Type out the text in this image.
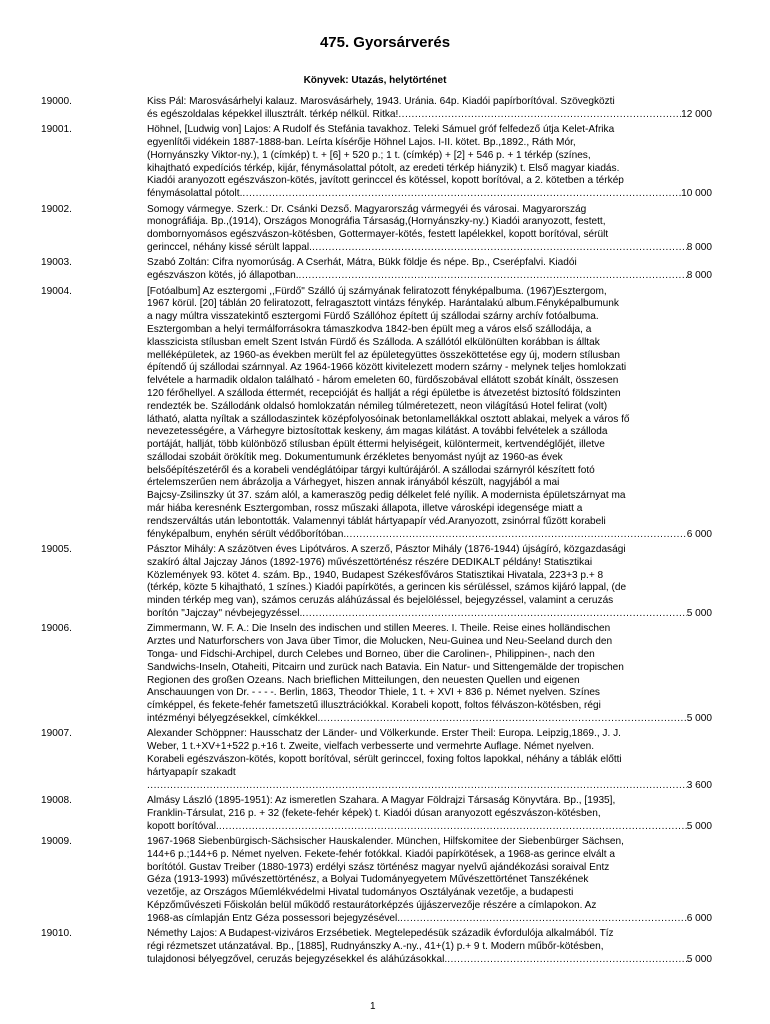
475. Gyorsárverés
Könyvek: Utazás, helytörténet
19000.	Kiss Pál: Marosvásárhelyi kalauz. Marosvásárhely, 1943. Uránia. 64p. Kiadói papírborítóval. Szövegközti
és egészoldalas képekkel illusztrált. térkép nélkül. Ritka! .....	12 000
19001.	Höhnel, [Ludwig von] Lajos: A Rudolf és Stefánia tavakhoz. Teleki Sámuel gróf felfedező útja Kelet-Afrika
egyenlítői vidékein 1887-1888-ban. Leírta kísérője Höhnel Lajos. I-II. kötet. Bp.,1892., Ráth Mór,
(Hornyánszky Viktor-ny.), 1 (címkép) t. + [6] + 520 p.; 1 t. (címkép) + [2] + 546 p. + 1 térkép (színes,
kihajtható expedíciós térkép, kijár, fénymásolattal pótolt, az eredeti térkép hiányzik) t. Első magyar kiadás.
Kiadói aranyozott egészvászon-kötés, javított gerinccel és kötéssel, kopott borítóval, a 2. kötetben a térkép
fénymásolattal pótolt. .....	10 000
19002.	Somogy vármegye. Szerk.: Dr. Csánki Dezső. Magyarország vármegyéi és városai. Magyarország
monográfiája. Bp.,(1914), Országos Monográfia Társaság,(Hornyánszky-ny.) Kiadói aranyozott, festett,
dombornyomásos egészvászon-kötésben, Gottermayer-kötés, festett lapélekkel, kopott borítóval, sérült
gerinccel, néhány kissé sérült lappal. .....	8 000
19003.	Szabó Zoltán: Cifra nyomorúság. A Cserhát, Mátra, Bükk földje és népe. Bp., Cserépfalvi. Kiadói
egészvászon kötés, jó állapotban. .....	8 000
19004.	[Fotóalbum] Az esztergomi ,,Fürdő" Szálló új szárnyának feliratozott fényképalbuma. (1967)Esztergom,
1967 körül. [20] táblán 20 feliratozott, felragasztott vintázs fénykép. Harántalakú album.Fényképalbumunk
a nagy múltra visszatekintő esztergomi Fürdő Szállóhoz épített új szállodai szárny archív fotóalbuma.
Esztergomban a helyi termálforrásokra támaszkodva 1842-ben épült meg a város első szállodája, a
klasszicista stílusban emelt Szent István Fürdő és Szálloda. A szállótól elkülönülten korábban is álltak
melléképületek, az 1960-as években merült fel az épületegyüttes összeköttetése egy új, modern stílusban
építendő új szállodai szárnnyal. Az 1964-1966 között kivitelezett modern szárny - melynek teljes homlokzati
felvétele a harmadik oldalon található - három emeleten 60, fürdőszobával ellátott szobát kínált, összesen
120 férőhellyel. A szálloda éttermét, recepcióját és hallját a régi épületbe is átvezetést biztosító földszinten
rendezték be. Szállodánk oldalsó homlokzatán némileg túlméretezett, neon világítású Hotel felirat (volt)
látható, alatta nyíltak a szállodaszintek középfolyosóinak betonlamellákkal osztott ablakai, melyek a város fő
nevezetességére, a Várhegyre biztosítottak keskeny, ám magas kilátást. A további felvételek a szálloda
portáját, hallját, több különböző stílusban épült éttermi helyiségeit, különtermeit, kertvendéglőjét, illetve
szállodai szobáit örökítik meg. Dokumentumunk érzékletes benyomást nyújt az 1960-as évek
belsőépítészetéről és a korabeli vendéglátóipar tárgyi kultúrájáról. A szállodai szárnyról készített fotó
értelemszerűen nem ábrázolja a Várhegyet, hiszen annak irányából készült, nagyjából a mai
Bajcsy-Zsilinszky út 37. szám alól, a kameraszög pedig délkelet felé nyílik. A modernista épületszárnyat ma
már hiába keresnénk Esztergomban, rossz műszaki állapota, illetve városképi idegensége miatt a
rendszerváltás után lebontották. Valamennyi táblát hártyapapír véd.Aranyozott, zsinórral fűzött korabeli
fényképalbum, enyhén sérült védőborítóban. .....	6 000
19005.	Pásztor Mihály: A százötven éves Lipótváros. A szerző, Pásztor Mihály (1876-1944) újságíró, közgazdasági
szakíró által Jajczay János (1892-1976) művészettörténész részére DEDIKÁLT példány! Statisztikai
Közlemények 93. kötet 4. szám. Bp., 1940, Budapest Székesfőváros Statisztikai Hivatala, 223+3 p.+ 8
(térkép, közte 5 kihajtható, 1 színes.) Kiadói papírkötés, a gerincen kis sérüléssel, számos kijáró lappal, (de
minden térkép meg van), számos ceruzás aláhúzással és bejelöléssel, bejegyzéssel, valamint a ceruzás
borítón "Jajczay" névbejegyzéssel. .....	5 000
19006.	Zimmermann, W. F. A.: Die Inseln des indischen und stillen Meeres. I. Theile. Reise eines holländischen
Arztes und Naturforschers von Java über Timor, die Molucken, Neu-Guinea und Neu-Seeland durch den
Tonga- und Fidschi-Archipel, durch Celebes und Borneo, über die Carolinen-, Philippinen-, nach den
Sandwichs-Inseln, Otaheiti, Pitcairn und zurück nach Batavia. Ein Natur- und Sittengemälde der tropischen
Regionen des großen Ozeans. Nach brieflichen Mitteilungen, den neuesten Quellen und eigenen
Anschauungen von Dr. - - - -. Berlin, 1863, Theodor Thiele, 1 t. + XVI + 836 p. Német nyelven. Színes
címképpel, és fekete-fehér fametszetű illusztrációkkal. Korabeli kopott, foltos félvászon-kötésben, régi
intézményi bélyegzésekkel, címkékkel. .....	5 000
19007.	Alexander Schöppner: Hausschatz der Länder- und Völkerkunde. Erster Theil: Europa. Leipzig,1869., J. J.
Weber, 1 t.+XV+1+522 p.+16 t. Zweite, vielfach verbesserte und vermehrte Auflage. Német nyelven.
Korabeli egészvászon-kötés, kopott borítóval, sérült gerinccel, foxing foltos lapokkal, néhány a táblák előtti
hártyapapír szakadt
.....
3 600
19008.	Almásy László (1895-1951): Az ismeretlen Szahara. A Magyar Földrajzi Társaság Könyvtára. Bp., [1935],
Franklin-Társulat, 216 p. + 32 (fekete-fehér képek) t. Kiadói dúsan aranyozott egészvászon-kötésben,
kopott borítóval. .....	5 000
19009.	1967-1968 Siebenbürgisch-Sächsischer Hauskalender. München, Hilfskomitee der Siebenbürger Sächsen,
144+6 p.;144+6 p. Német nyelven. Fekete-fehér fotókkal. Kiadói papírkötések, a 1968-as gerince elvált a
borítótól. Gustav Treiber (1880-1973) erdélyi szász történész magyar nyelvű ajándékozási soraival Entz
Géza (1913-1993) művészettörténész, a Bolyai Tudományegyetem Művészettörténet Tanszékének
vezetője, az Országos Műemlékvédelmi Hivatal tudományos Osztályának vezetője, a budapesti
Képzőművészeti Főiskolán belül működő restaurátorképzés újjászervezője részére a címlapokon. Az
1968-as címlapján Entz Géza possessori bejegyzésével. .....	6 000
19010.	Némethy Lajos: A Budapest-viziváros Erzsébetiek. Megtelepedésük századik évfordulója alkalmából. Tíz
régi rézmetszet utánzatával. Bp., [1885], Rudnyánszky A.-ny., 41+(1) p.+ 9 t. Modern műbőr-kötésben,
tulajdonosi bélyegzővel, ceruzás bejegyzésekkel és aláhúzásokkal. .....	5 000
1
